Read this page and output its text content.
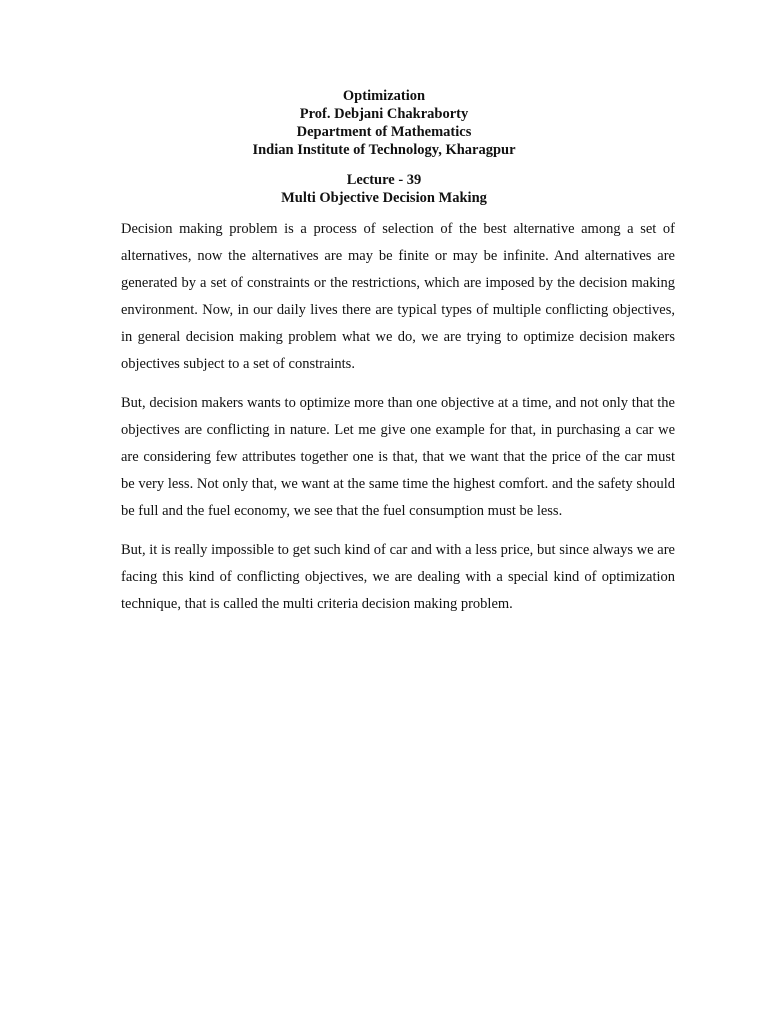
Optimization
Prof. Debjani Chakraborty
Department of Mathematics
Indian Institute of Technology, Kharagpur
Lecture - 39
Multi Objective Decision Making

Decision making problem is a process of selection of the best alternative among a set of alternatives, now the alternatives are may be finite or may be infinite. And alternatives are generated by a set of constraints or the restrictions, which are imposed by the decision making environment. Now, in our daily lives there are typical types of multiple conflicting objectives, in general decision making problem what we do, we are trying to optimize decision makers objectives subject to a set of constraints.

But, decision makers wants to optimize more than one objective at a time, and not only that the objectives are conflicting in nature. Let me give one example for that, in purchasing a car we are considering few attributes together one is that, that we want that the price of the car must be very less. Not only that, we want at the same time the highest comfort. and the safety should be full and the fuel economy, we see that the fuel consumption must be less.

But, it is really impossible to get such kind of car and with a less price, but since always we are facing this kind of conflicting objectives, we are dealing with a special kind of optimization technique, that is called the multi criteria decision making problem.
